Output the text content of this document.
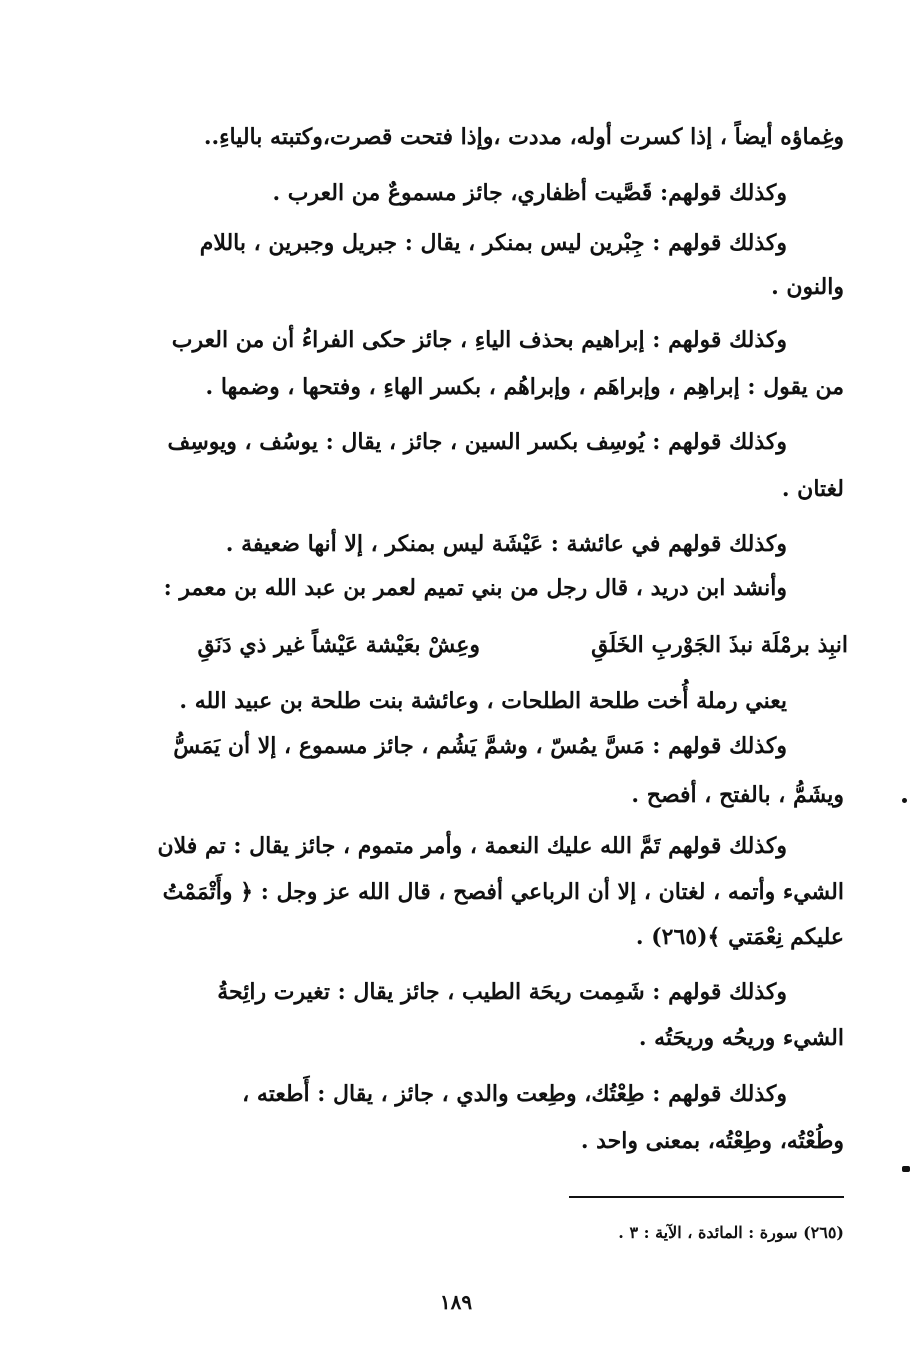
وغِماؤه أيضاً ، إذا كسرت أوله، مددت ،وإذا فتحت قصرت،وكتبته بالياءِ..
وكذلك قولهم: قَصَّيت أظفاري، جائز مسموعٌ من العرب .
وكذلك قولهم : جِبْرين ليس بمنكر ، يقال : جبريل وجبرين ، باللام
والنون .
وكذلك قولهم : إبراهيم بحذف الياءِ ، جائز حكى الفراءُ أن من العرب
من يقول : إبراهِم ، وإبراهَم ، وإبراهُم ، بكسر الهاءِ ، وفتحها ، وضمها .
وكذلك قولهم : يُوسِف بكسر السين ، جائز ، يقال : يوسُف ، ويوسِف
لغتان .
وكذلك قولهم في عائشة : عَيْشَة ليس بمنكر ، إلا أنها ضعيفة .
وأنشد ابن دريد ، قال رجل من بني تميم لعمر بن عبد الله بن معمر :
انبِذ برمْلَة نبذَ الجَوْربِ الخَلَقِ
وعِشْ بعَيْشة عَيْشاً غير ذي دَنَقِ
يعني رملة أُخت طلحة الطلحات ، وعائشة بنت طلحة بن عبيد الله .
وكذلك قولهم : مَسَّ يمُسّ ، وشمَّ يَشُم ، جائز مسموع ، إلا أن يَمَسُّ
ويشَمُّ ، بالفتح ، أفصح .
وكذلك قولهم تَمَّ الله عليك النعمة ، وأمر متموم ، جائز يقال : تم فلان
الشيء وأتمه ، لغتان ، إلا أن الرباعي أفصح ، قال الله عز وجل : ﴿ وأَتْمَمْتُ
عليكم نِعْمَتي ﴾(٢٦٥) .
وكذلك قولهم : شَمِمت ريحَة الطيب ، جائز يقال : تغيرت رائِحةُ
الشيء وريحُه وريحَتُه .
وكذلك قولهم : طِعْتُك، وطِعت والدي ، جائز ، يقال : أَطعته ،
وطُعْتُه، وطِعْتُه، بمعنى واحد .
(٢٦٥) سورة : المائدة ، الآية : ٣ .
١٨٩
